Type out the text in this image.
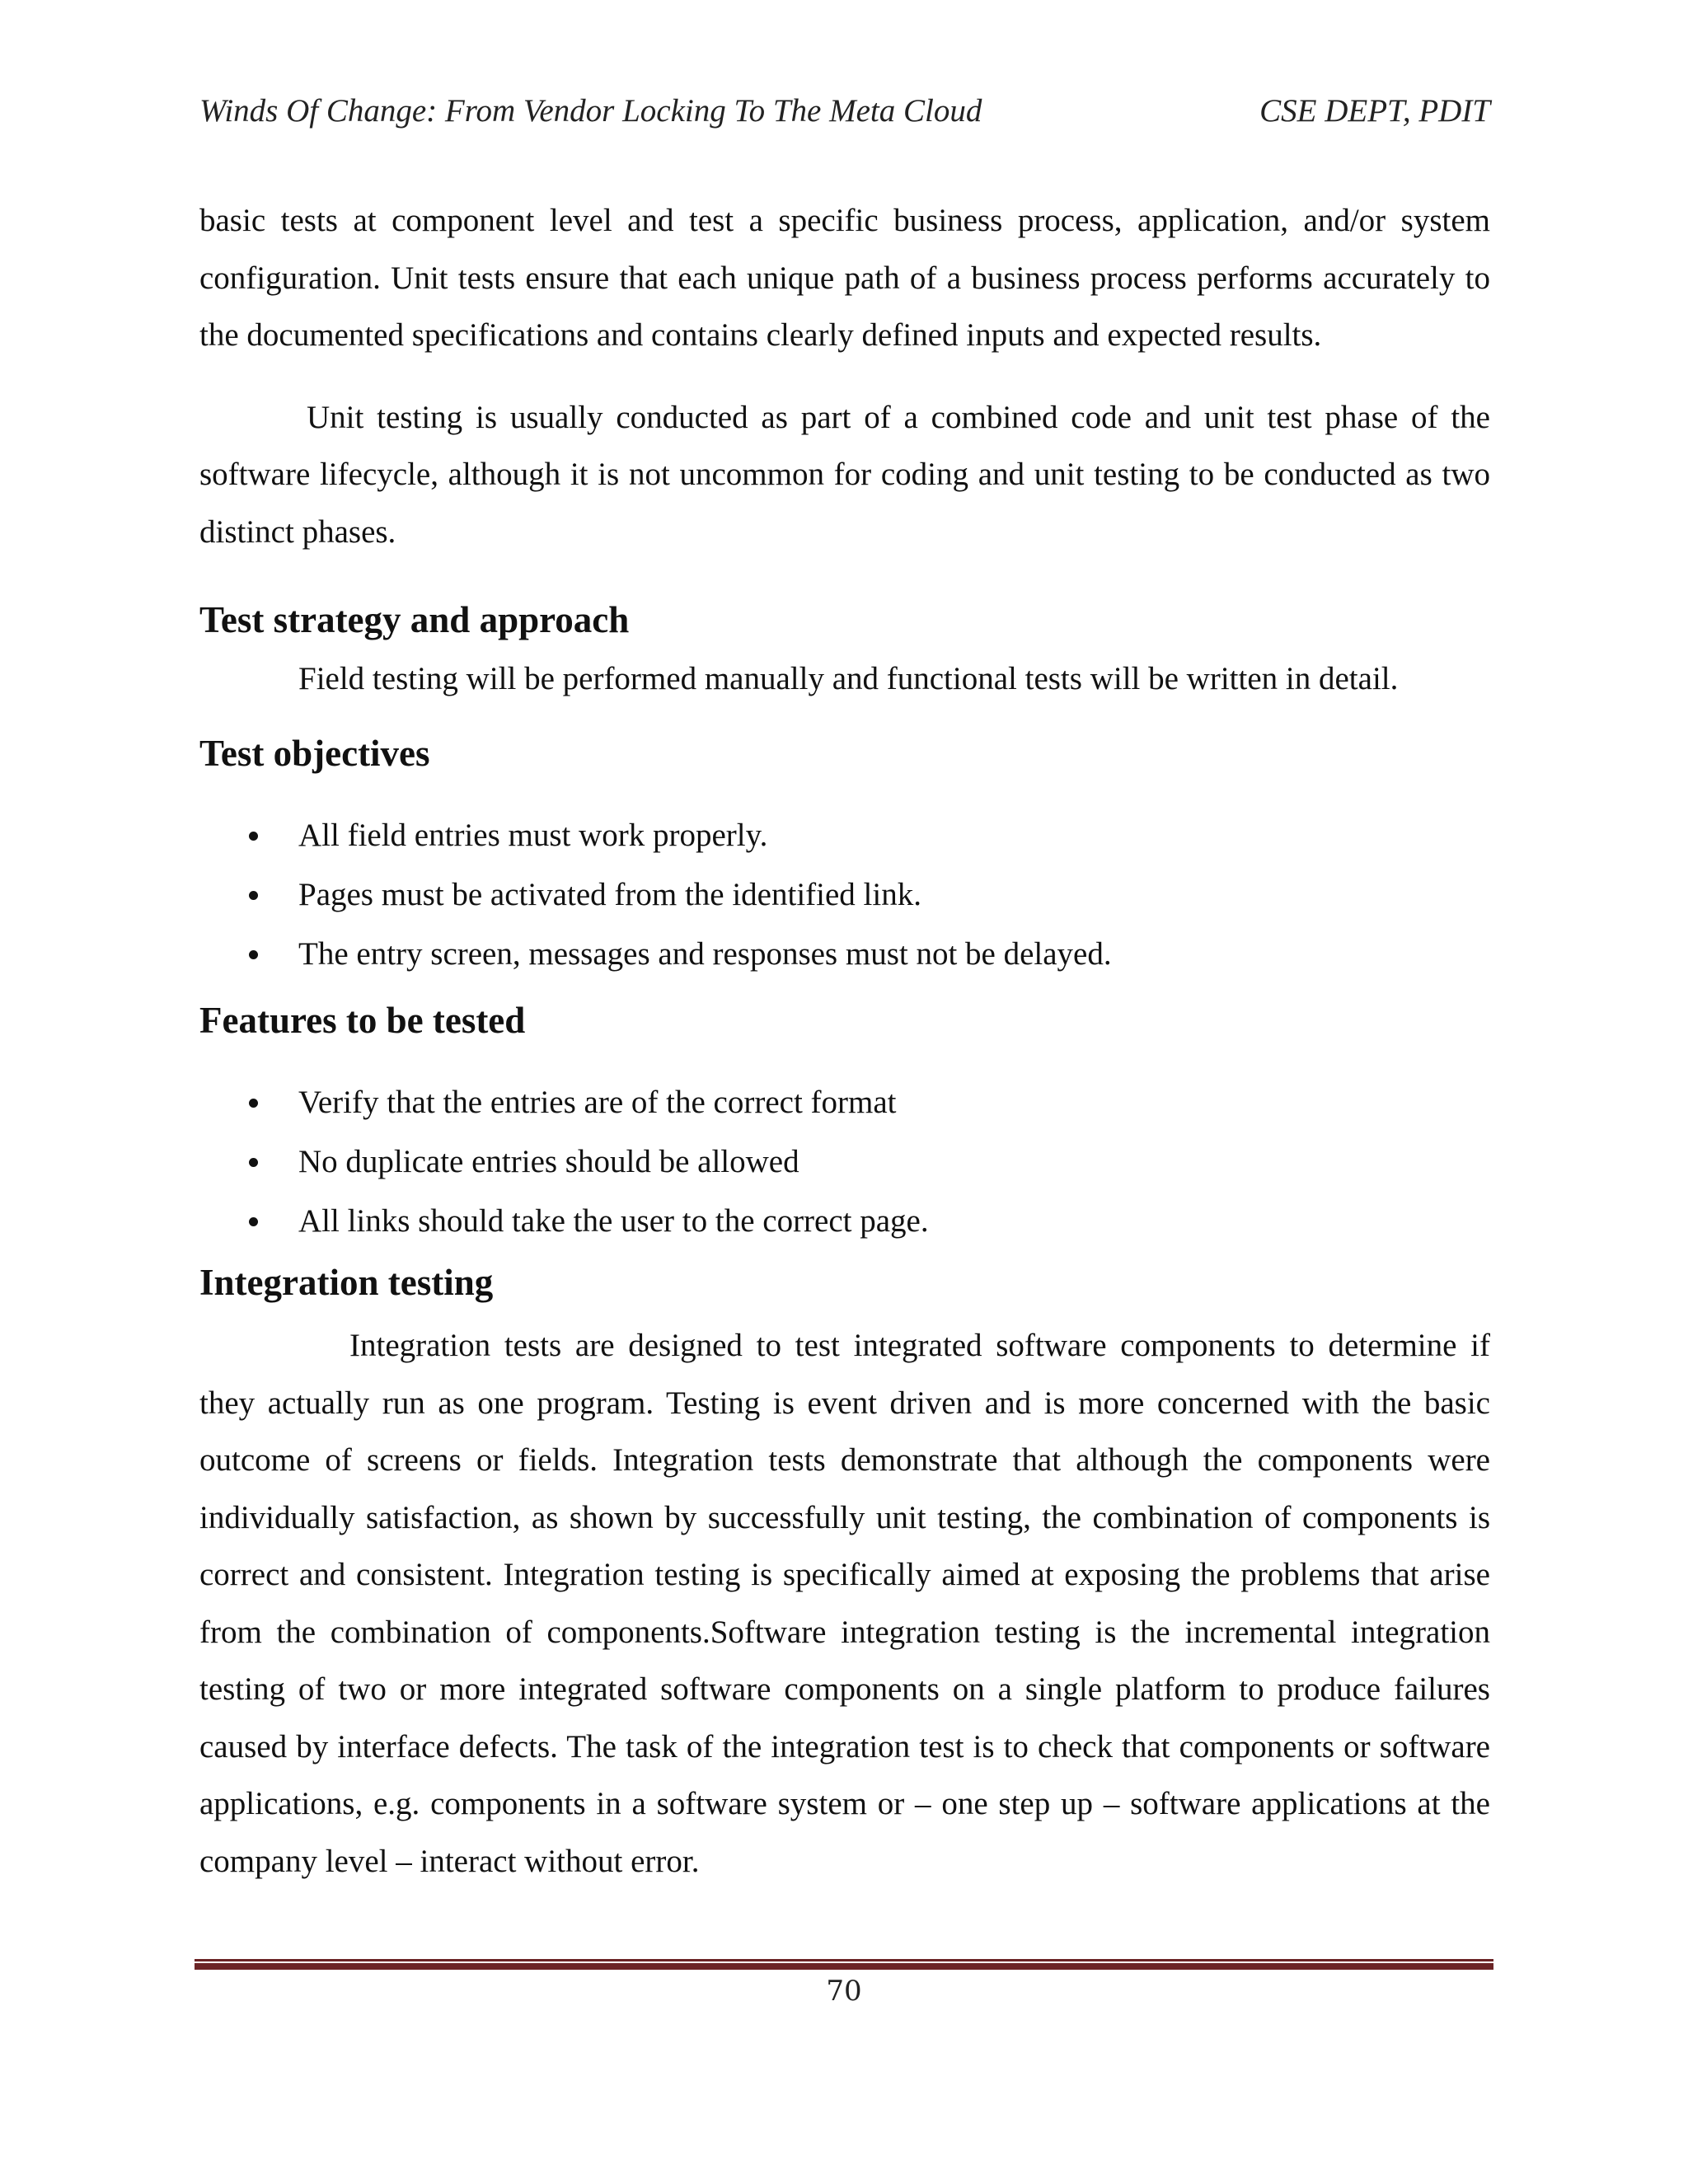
Winds Of Change: From Vendor Locking To The Meta Cloud	CSE DEPT, PDIT

basic tests at component level and test a specific business process, application, and/or system configuration. Unit tests ensure that each unique path of a business process performs accurately to the documented specifications and contains clearly defined inputs and expected results.

Unit testing is usually conducted as part of a combined code and unit test phase of the software lifecycle, although it is not uncommon for coding and unit testing to be conducted as two distinct phases.

Test strategy and approach

Field testing will be performed manually and functional tests will be written in detail.

Test objectives
All field entries must work properly.
Pages must be activated from the identified link.
The entry screen, messages and responses must not be delayed.
Features to be tested
Verify that the entries are of the correct format
No duplicate entries should be allowed
All links should take the user to the correct page.
Integration testing

Integration tests are designed to test integrated software components to determine if they actually run as one program. Testing is event driven and is more concerned with the basic outcome of screens or fields. Integration tests demonstrate that although the components were individually satisfaction, as shown by successfully unit testing, the combination of components is correct and consistent. Integration testing is specifically aimed at exposing the problems that arise from the combination of components.Software integration testing is the incremental integration testing of two or more integrated software components on a single platform to produce failures caused by interface defects. The task of the integration test is to check that components or software applications, e.g. components in a software system or – one step up – software applications at the company level – interact without error.

70
